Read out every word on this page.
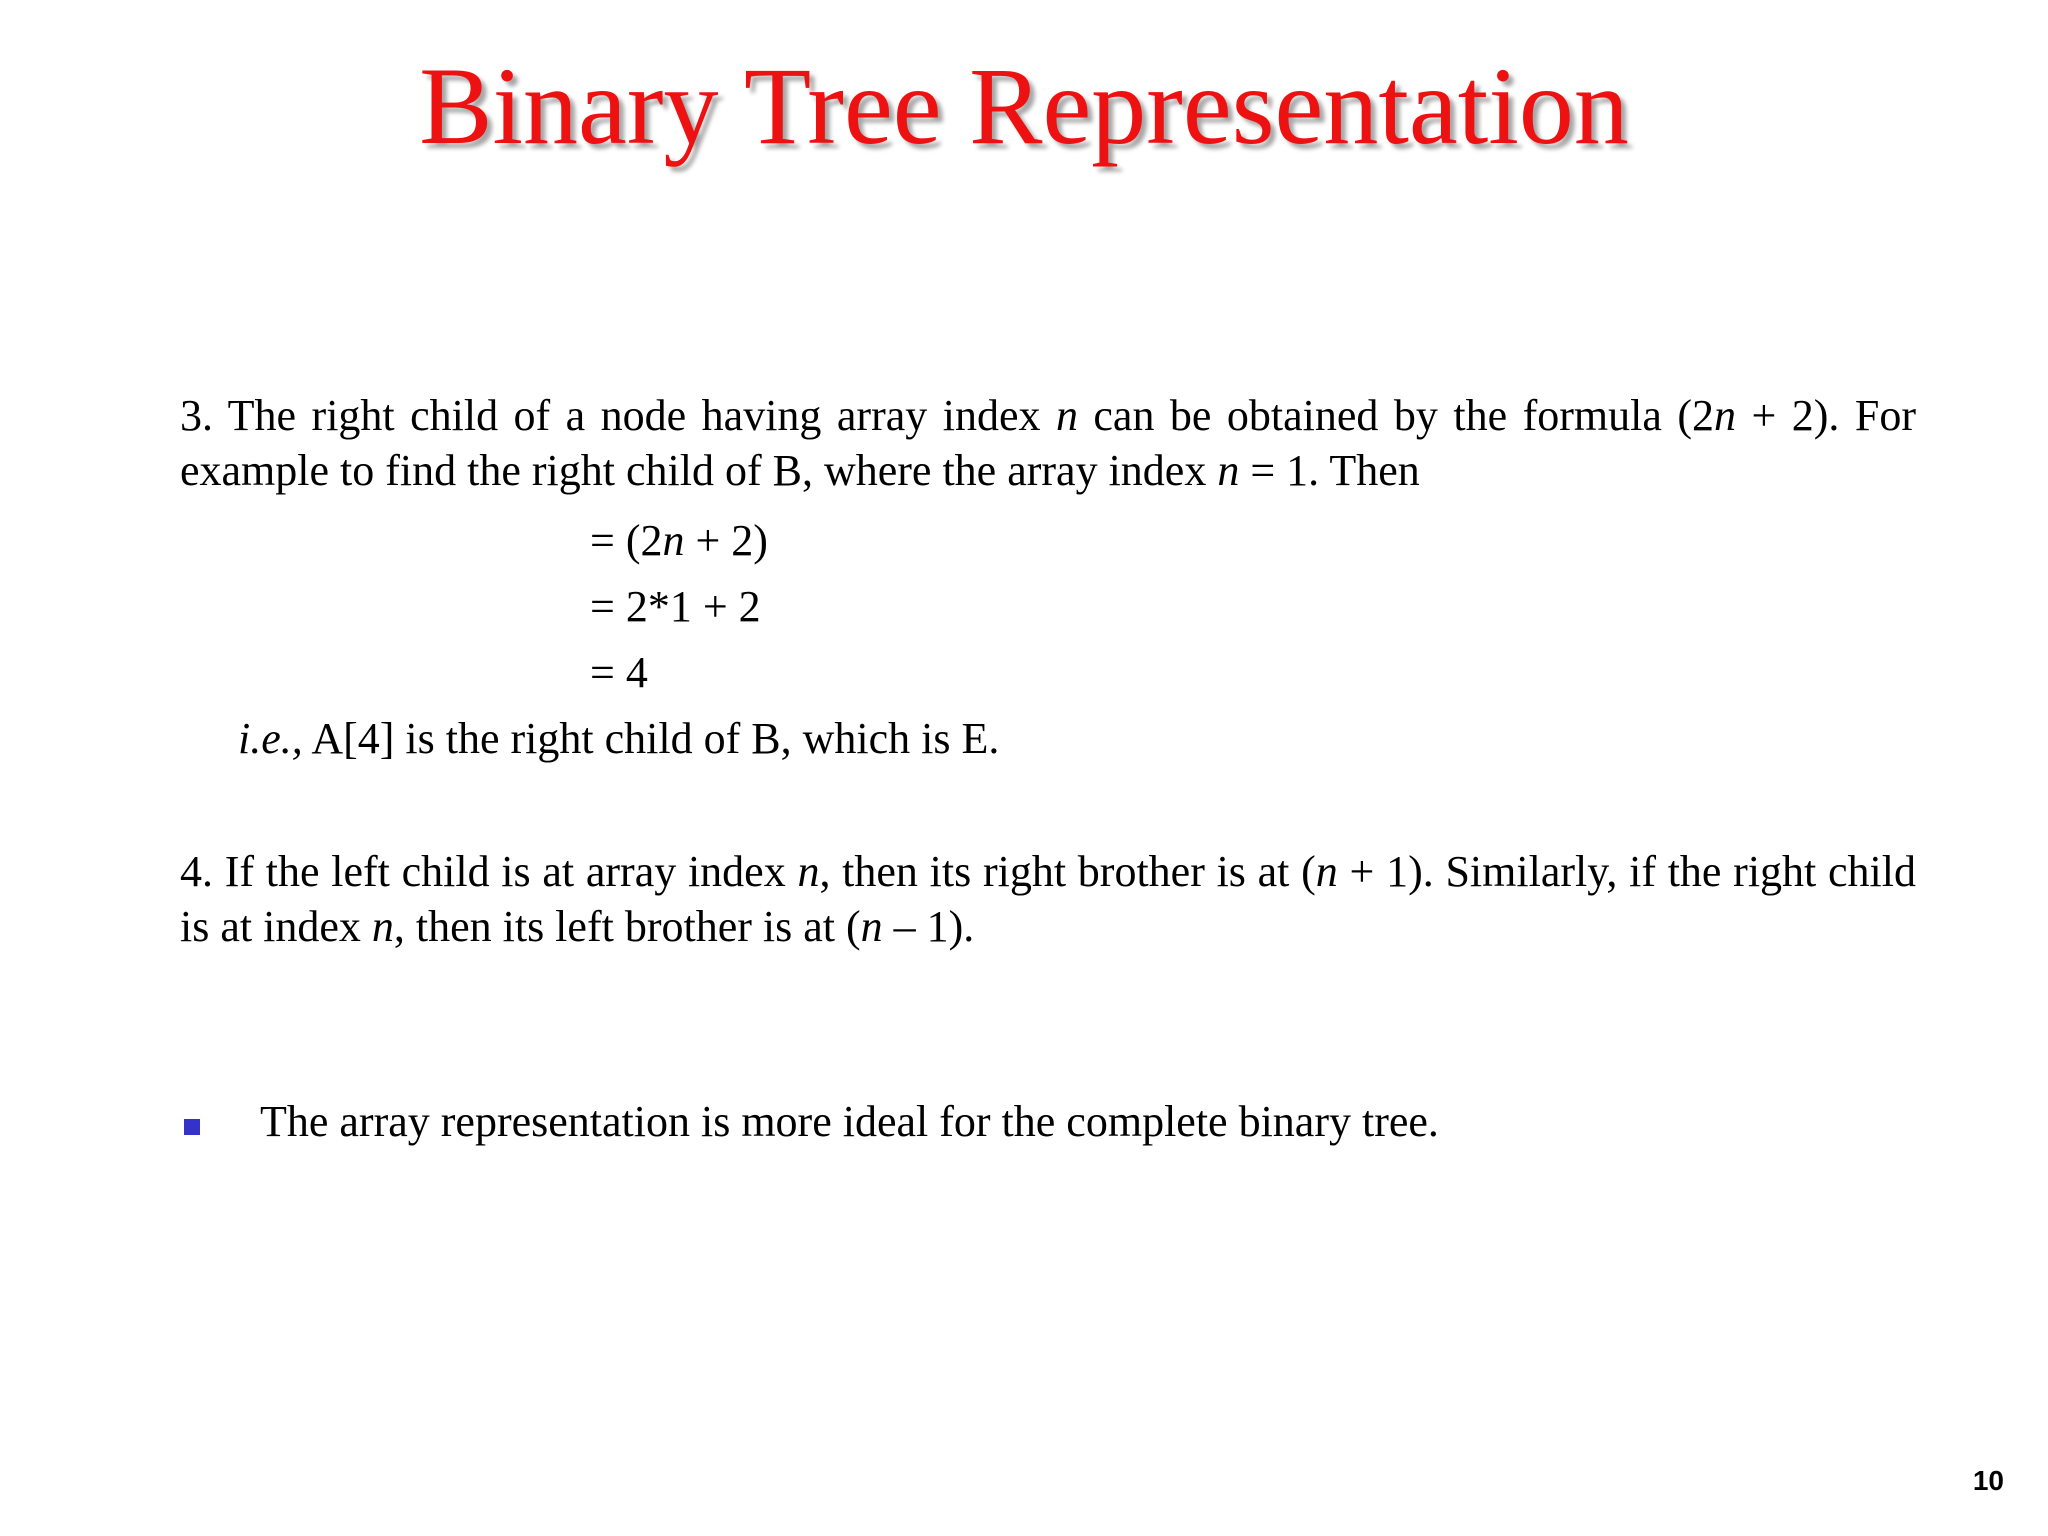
Binary Tree Representation
3. The right child of a node having array index n can be obtained by the formula (2n + 2). For example to find the right child of B, where the array index n = 1. Then
= (2n + 2)
= 2*1 + 2
= 4
i.e., A[4] is the right child of B, which is E.
4. If the left child is at array index n, then its right brother is at (n + 1). Similarly, if the right child is at index n, then its left brother is at (n – 1).
The array representation is more ideal for the complete binary tree.
10
